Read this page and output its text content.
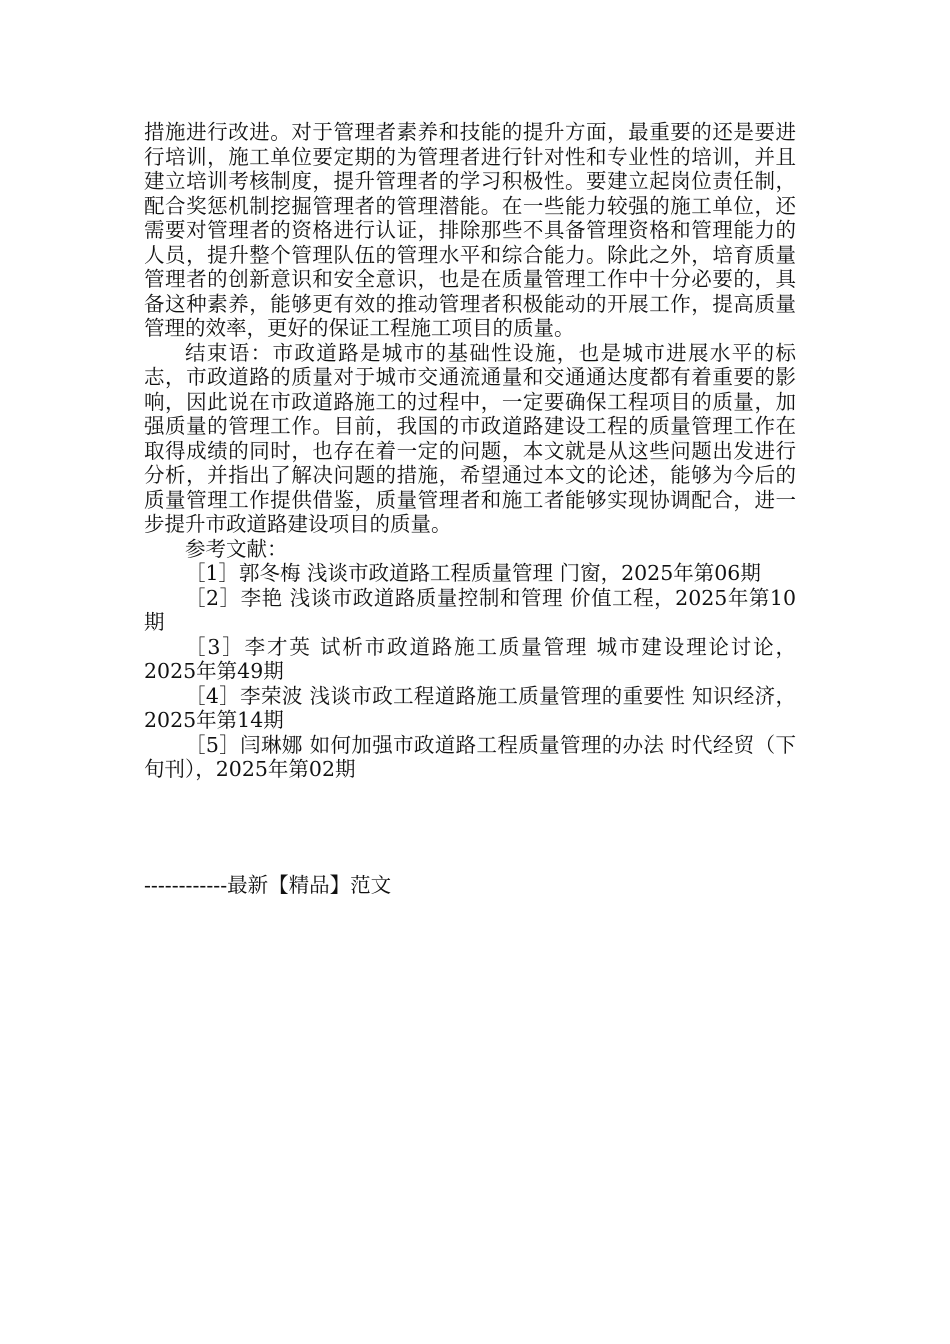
措施进行改进。对于管理者素养和技能的提升方面，最重要的还是要进行培训，施工单位要定期的为管理者进行针对性和专业性的培训，并且建立培训考核制度，提升管理者的学习积极性。要建立起岗位责任制，配合奖惩机制挖掘管理者的管理潜能。在一些能力较强的施工单位，还需要对管理者的资格进行认证，排除那些不具备管理资格和管理能力的人员，提升整个管理队伍的管理水平和综合能力。除此之外，培育质量管理者的创新意识和安全意识，也是在质量管理工作中十分必要的，具备这种素养，能够更有效的推动管理者积极能动的开展工作，提高质量管理的效率，更好的保证工程施工项目的质量。

结束语：市政道路是城市的基础性设施，也是城市进展水平的标志，市政道路的质量对于城市交通流通量和交通通达度都有着重要的影响，因此说在市政道路施工的过程中，一定要确保工程项目的质量，加强质量的管理工作。目前，我国的市政道路建设工程的质量管理工作在取得成绩的同时，也存在着一定的问题，本文就是从这些问题出发进行分析，并指出了解决问题的措施，希望通过本文的论述，能够为今后的质量管理工作提供借鉴，质量管理者和施工者能够实现协调配合，进一步提升市政道路建设项目的质量。

参考文献：

［1］郭冬梅 浅谈市政道路工程质量管理 门窗，2025年第06期

［2］李艳 浅谈市政道路质量控制和管理 价值工程，2025年第10期

［3］李才英 试析市政道路施工质量管理 城市建设理论讨论，2025年第49期

［4］李荣波 浅谈市政工程道路施工质量管理的重要性 知识经济，2025年第14期

［5］闫琳娜 如何加强市政道路工程质量管理的办法 时代经贸（下旬刊），2025年第02期

------------最新【精品】范文
